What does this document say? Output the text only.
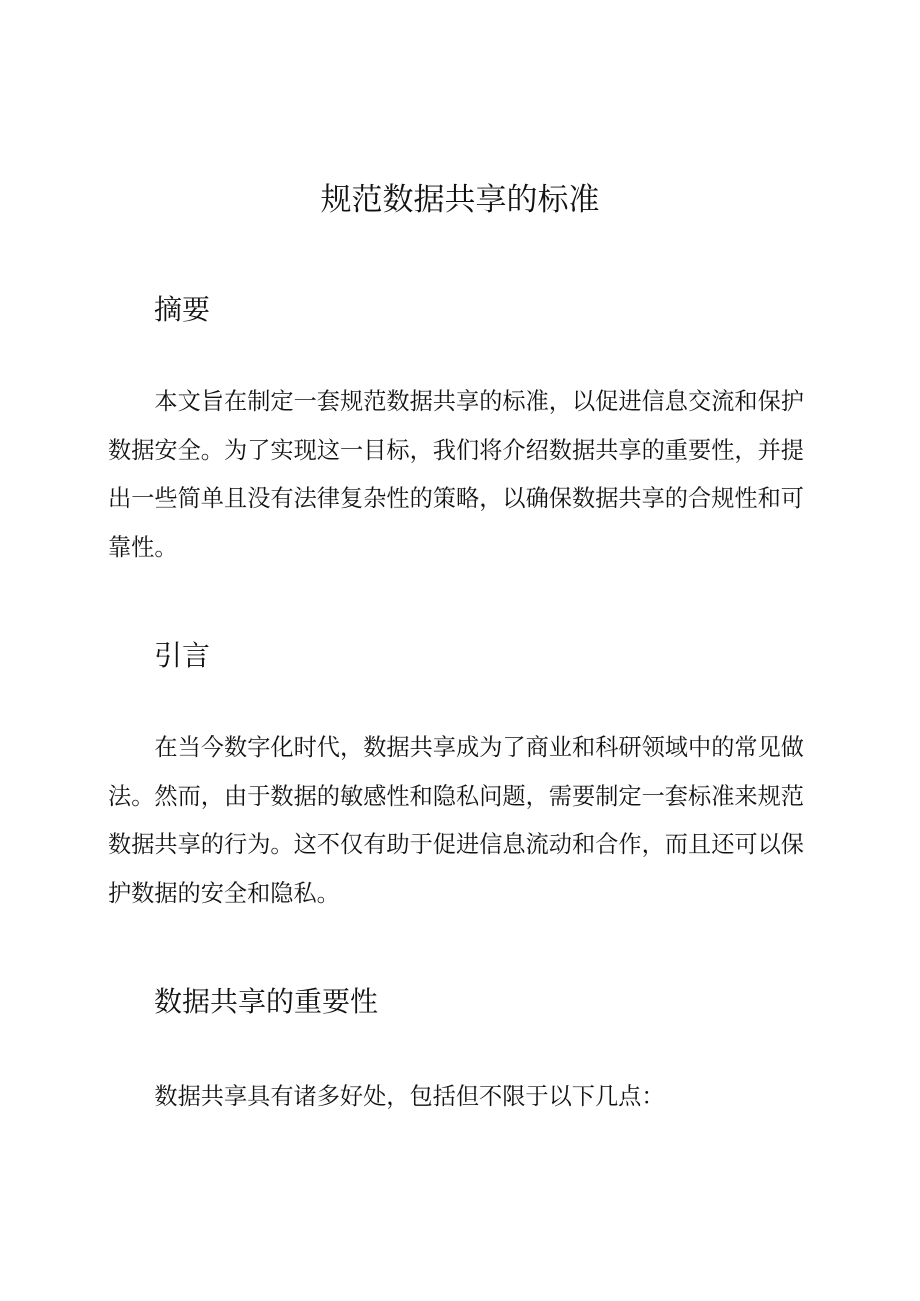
规范数据共享的标准
摘要

本文旨在制定一套规范数据共享的标准，以促进信息交流和保护数据安全。为了实现这一目标，我们将介绍数据共享的重要性，并提出一些简单且没有法律复杂性的策略，以确保数据共享的合规性和可靠性。

引言

在当今数字化时代，数据共享成为了商业和科研领域中的常见做法。然而，由于数据的敏感性和隐私问题，需要制定一套标准来规范数据共享的行为。这不仅有助于促进信息流动和合作，而且还可以保护数据的安全和隐私。

数据共享的重要性

数据共享具有诸多好处，包括但不限于以下几点：
